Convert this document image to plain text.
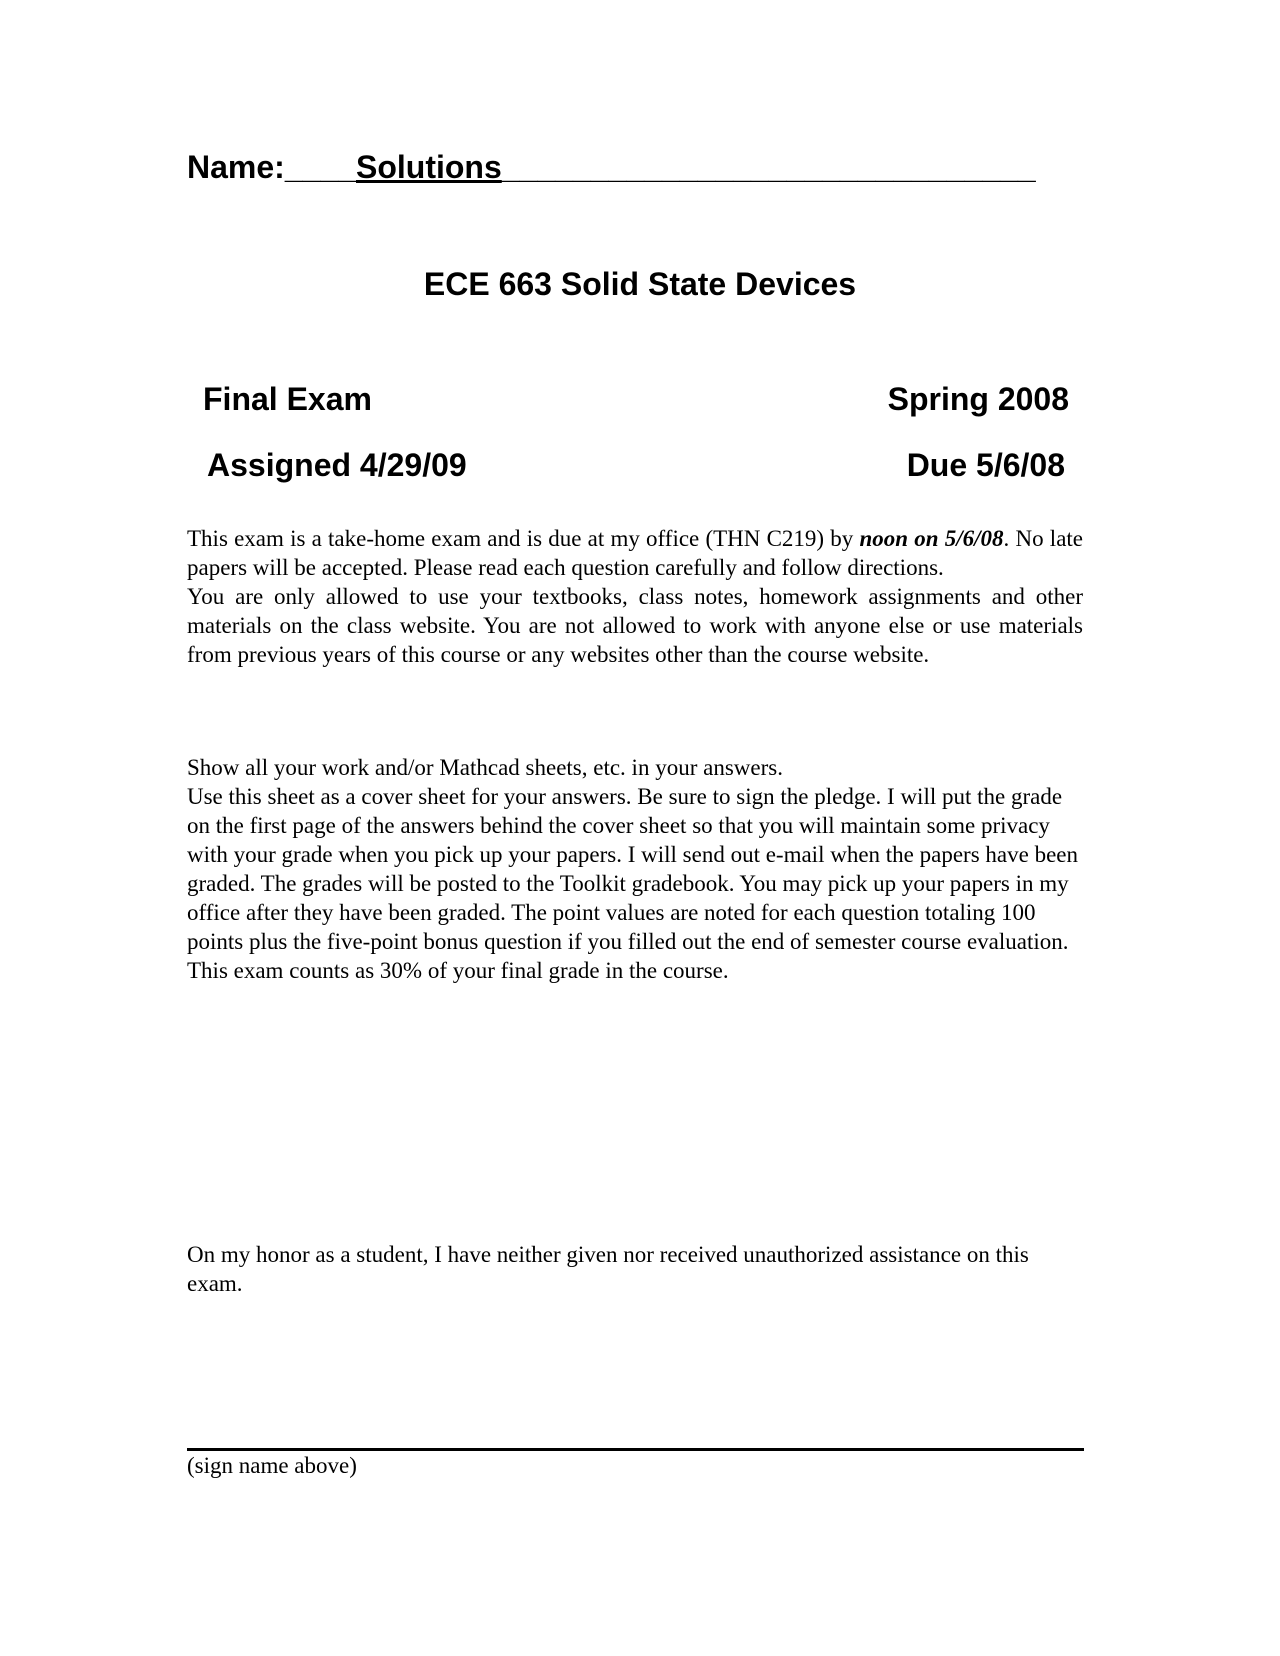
Name:____Solutions______________________________
ECE 663 Solid State Devices
Final Exam	Spring 2008
Assigned 4/29/09	Due 5/6/08

This exam is a take-home exam and is due at my office (THN C219) by noon on 5/6/08. No late papers will be accepted. Please read each question carefully and follow directions.

You are only allowed to use your textbooks, class notes, homework assignments and other materials on the class website. You are not allowed to work with anyone else or use materials from previous years of this course or any websites other than the course website.

Show all your work and/or Mathcad sheets, etc. in your answers.

Use this sheet as a cover sheet for your answers. Be sure to sign the pledge. I will put the grade on the first page of the answers behind the cover sheet so that you will maintain some privacy with your grade when you pick up your papers. I will send out e-mail when the papers have been graded. The grades will be posted to the Toolkit gradebook. You may pick up your papers in my office after they have been graded. The point values are noted for each question totaling 100 points plus the five-point bonus question if you filled out the end of semester course evaluation. This exam counts as 30% of your final grade in the course.

On my honor as a student, I have neither given nor received unauthorized assistance on this exam.
(sign name above)
